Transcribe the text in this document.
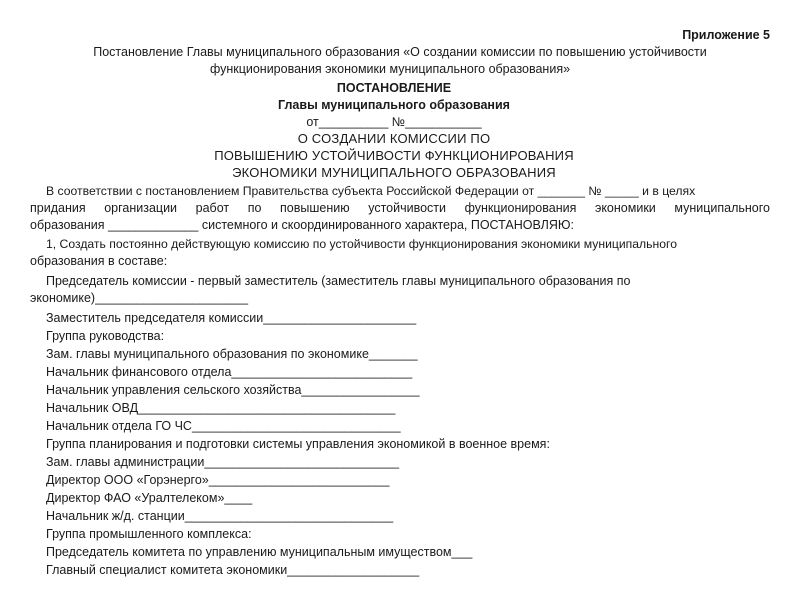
Приложение 5
Постановление Главы муниципального образования «О создании комиссии по повышению устойчивости
функционирования экономики муниципального образования»
ПОСТАНОВЛЕНИЕ
Главы муниципального образования
от__________ №___________
О СОЗДАНИИ КОМИССИИ ПО
ПОВЫШЕНИЮ УСТОЙЧИВОСТИ ФУНКЦИОНИРОВАНИЯ
ЭКОНОМИКИ МУНИЦИПАЛЬНОГО ОБРАЗОВАНИЯ
В соответствии с постановлением Правительства субъекта Российской Федерации от _______ № _____ и в целях
придания организации работ по повышению устойчивости функционирования экономики муниципального
образования _____________ системного и скоординированного характера, ПОСТАНОВЛЯЮ:
1, Создать постоянно действующую комиссию по устойчивости функционирования экономики муниципального
образования в составе:
Председатель комиссии - первый заместитель (заместитель главы муниципального образования по
экономике)______________________
Заместитель председателя комиссии______________________
Группа руководства:
Зам. главы муниципального образования по экономике_______
Начальник финансового отдела__________________________
Начальник управления сельского хозяйства_________________
Начальник ОВД_____________________________________
Начальник отдела ГО ЧС______________________________
Группа планирования и подготовки системы управления экономикой в военное время:
Зам. главы администрации____________________________
Директор ООО «Горэнерго»__________________________
Директор ФАО «Уралтелеком»____
Начальник ж/д. станции______________________________
Группа промышленного комплекса:
Председатель комитета по управлению муниципальным имуществом___
Главный специалист комитета экономики___________________
